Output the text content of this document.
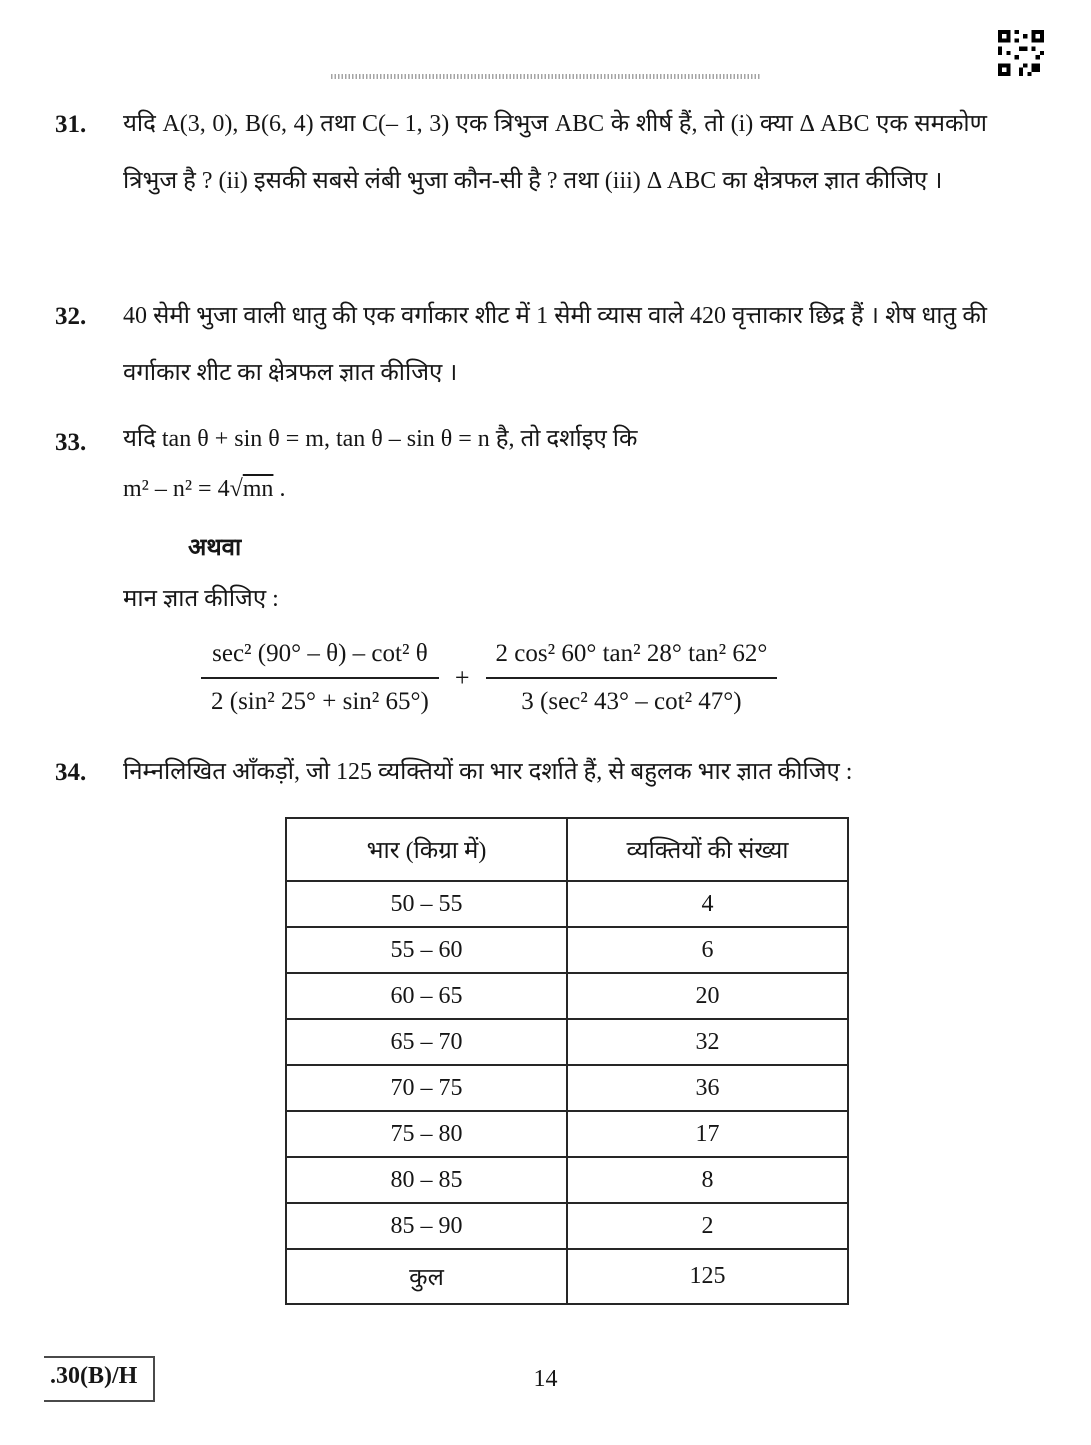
31.	यदि A(3, 0), B(6, 4) तथा C(– 1, 3) एक त्रिभुज ABC के शीर्ष हैं, तो (i) क्या Δ ABC एक समकोण त्रिभुज है ? (ii) इसकी सबसे लंबी भुजा कौन-सी है ? तथा (iii) Δ ABC का क्षेत्रफल ज्ञात कीजिए ।
32.	40 सेमी भुजा वाली धातु की एक वर्गाकार शीट में 1 सेमी व्यास वाले 420 वृत्ताकार छिद्र हैं । शेष धातु की वर्गाकार शीट का क्षेत्रफल ज्ञात कीजिए ।
33.	यदि tan θ + sin θ = m, tan θ – sin θ = n है, तो दर्शाइए कि
m² – n² = 4√mn .
अथवा
मान ज्ञात कीजिए :
$\frac{\text{sec² (90° – θ) – cot² θ}}{\text{2 (sin² 25° + sin² 65°)}} + \frac{\text{2 cos² 60° tan² 28° tan² 62°}}{\text{3 (sec² 43° – cot² 47°)}}$
34.	निम्नलिखित आँकड़ों, जो 125 व्यक्तियों का भार दर्शाते हैं, से बहुलक भार ज्ञात कीजिए :
भार (किग्रा में)	व्यक्तियों की संख्या
50 – 55	4
55 – 60	6
60 – 65	20
65 – 70	32
70 – 75	36
75 – 80	17
80 – 85	8
85 – 90	2
कुल	125
.30(B)/H	14
